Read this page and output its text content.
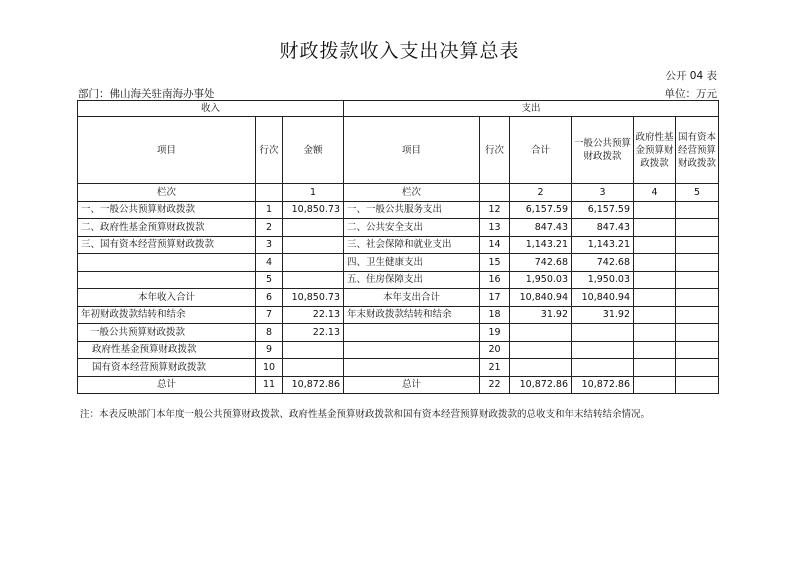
财政拨款收入支出决算总表
公开 04 表
部门：佛山海关驻南海办事处	单位：万元
收入			支出					
项目	行次	金额	项目	行次	合计	一般公共预算财政拨款	政府性基金预算财政拨款	国有资本经营预算财政拨款
栏次		1	栏次		2	3	4	5
一、一般公共预算财政拨款	1	10,850.73	一、一般公共服务支出	12	6,157.59	6,157.59		
二、政府性基金预算财政拨款	2		二、公共安全支出	13	847.43	847.43		
三、国有资本经营预算财政拨款	3		三、社会保障和就业支出	14	1,143.21	1,143.21		
	4		四、卫生健康支出	15	742.68	742.68		
	5		五、住房保障支出	16	1,950.03	1,950.03		
本年收入合计	6	10,850.73	本年支出合计	17	10,840.94	10,840.94		
年初财政拨款结转和结余	7	22.13	年末财政拨款结转和结余	18	31.92	31.92		
一般公共预算财政拨款	8	22.13		19				
政府性基金预算财政拨款	9			20				
国有资本经营预算财政拨款	10			21				
总计	11	10,872.86	总计	22	10,872.86	10,872.86		
注：本表反映部门本年度一般公共预算财政拨款、政府性基金预算财政拨款和国有资本经营预算财政拨款的总收支和年末结转结余情况。
